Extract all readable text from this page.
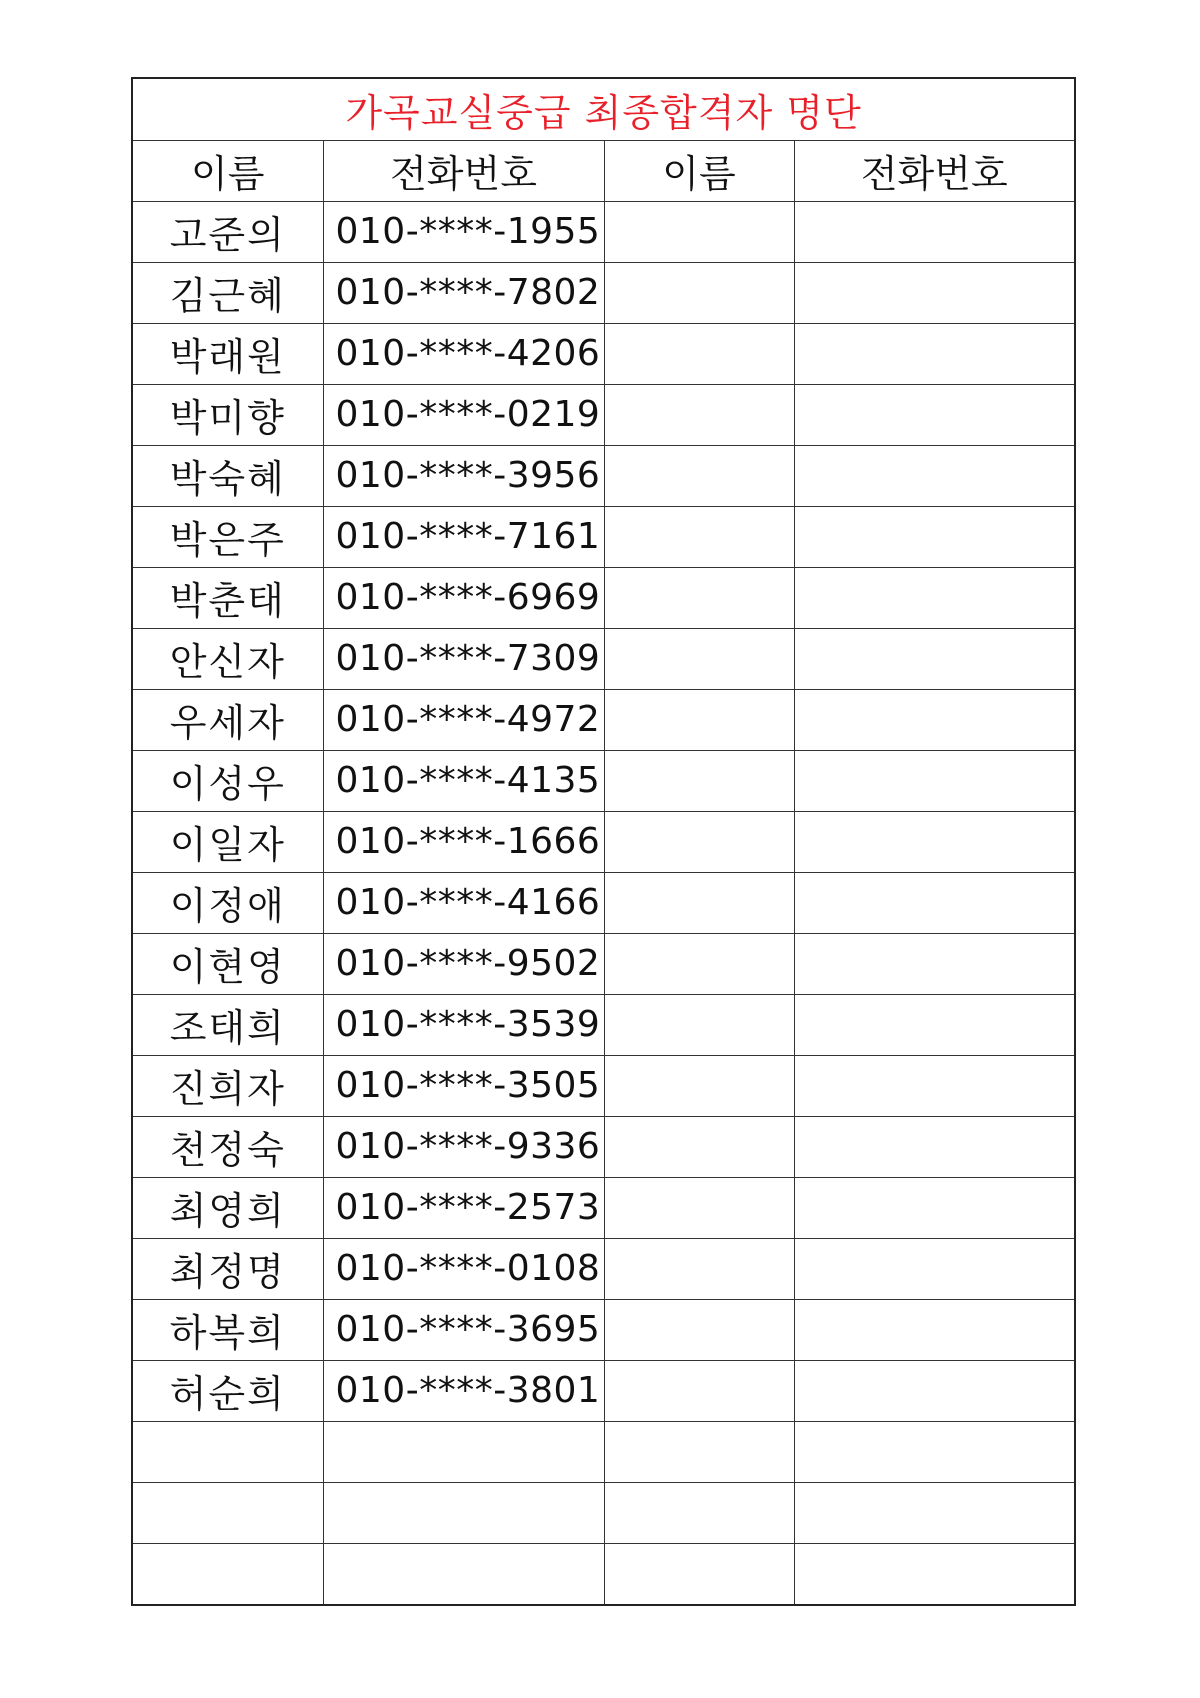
가곡교실중급 최종합격자 명단			
이름	전화번호	이름	전화번호
고준의	010-****-1955		
김근혜	010-****-7802		
박래원	010-****-4206		
박미향	010-****-0219		
박숙혜	010-****-3956		
박은주	010-****-7161		
박춘태	010-****-6969		
안신자	010-****-7309		
우세자	010-****-4972		
이성우	010-****-4135		
이일자	010-****-1666		
이정애	010-****-4166		
이현영	010-****-9502		
조태희	010-****-3539		
진희자	010-****-3505		
천정숙	010-****-9336		
최영희	010-****-2573		
최정명	010-****-0108		
하복희	010-****-3695		
허순희	010-****-3801		
